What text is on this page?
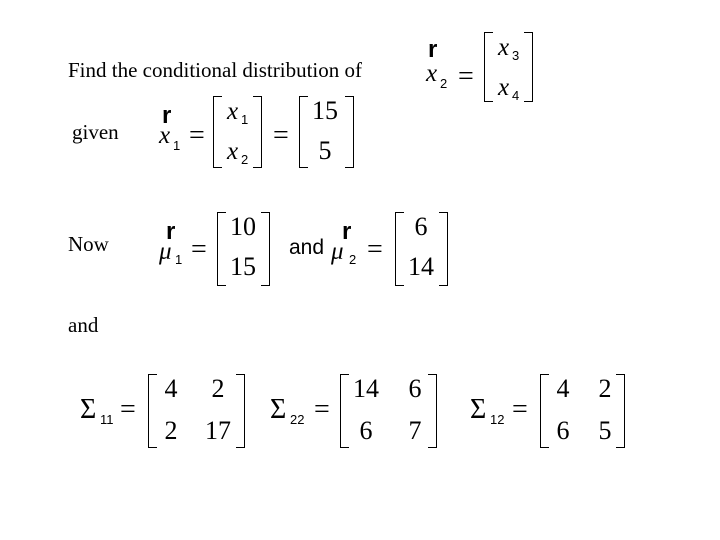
Find the conditional distribution of
r
x 2 =
x 3
x 4
given
r
x 1 =
x 1
x 2
=
15
5
Now r
μ 1 =
10
15
and
r
μ 2 =
6
14
and
Σ 11 =
4	2
2	17
Σ 22 =
14	6
6	7
Σ 12 =
4	2
6	5
